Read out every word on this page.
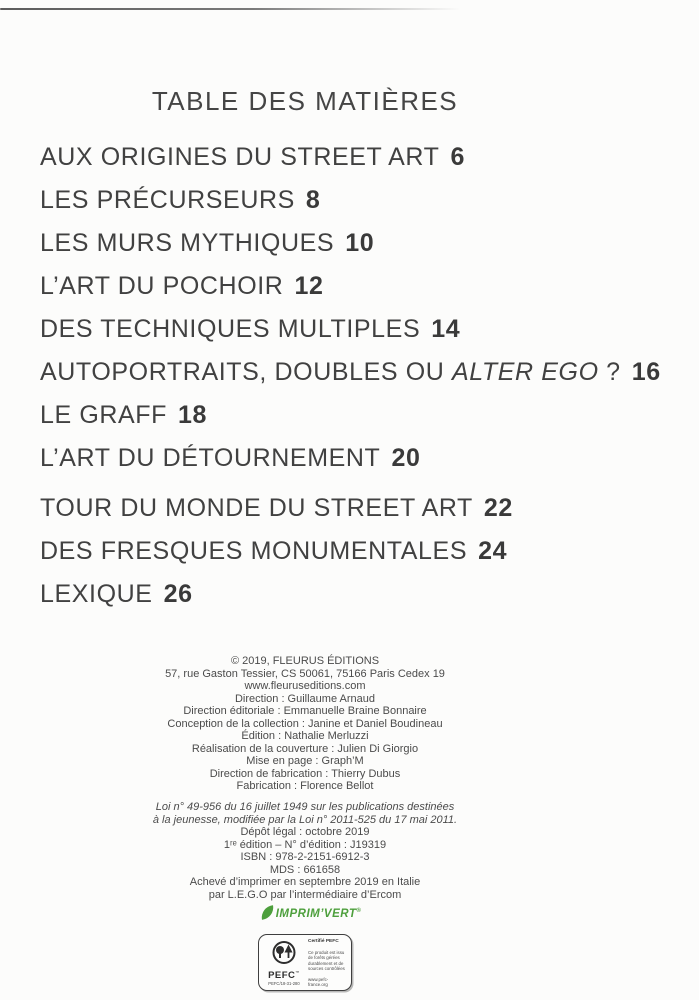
TABLE DES MATIÈRES
AUX ORIGINES DU STREET ART 6
LES PRÉCURSEURS 8
LES MURS MYTHIQUES 10
L’ART DU POCHOIR 12
DES TECHNIQUES MULTIPLES 14
AUTOPORTRAITS, DOUBLES OU ALTER EGO ? 16
LE GRAFF 18
L’ART DU DÉTOURNEMENT 20
TOUR DU MONDE DU STREET ART 22
DES FRESQUES MONUMENTALES 24
LEXIQUE 26
© 2019, FLEURUS ÉDITIONS
57, rue Gaston Tessier, CS 50061, 75166 Paris Cedex 19
www.fleuruseditions.com
Direction : Guillaume Arnaud
Direction éditoriale : Emmanuelle Braine Bonnaire
Conception de la collection : Janine et Daniel Boudineau
Édition : Nathalie Merluzzi
Réalisation de la couverture : Julien Di Giorgio
Mise en page : Graph’M
Direction de fabrication : Thierry Dubus
Fabrication : Florence Bellot
Loi n° 49-956 du 16 juillet 1949 sur les publications destinées
à la jeunesse, modifiée par la Loi n° 2011-525 du 17 mai 2011.
Dépôt légal : octobre 2019
1ʳᵉ édition – N° d’édition : J19319
ISBN : 978-2-2151-6912-3
MDS : 661658
Achevé d’imprimer en septembre 2019 en Italie
par L.E.G.O par l’intermédiaire d’Ercom
IMPRIM’VERT®
PEFC™
PEFC/18-31-280
Certifié PEFC
Ce produit est issu de forêts gérées durablement et de sources contrôlées
www.pefc-france.org
